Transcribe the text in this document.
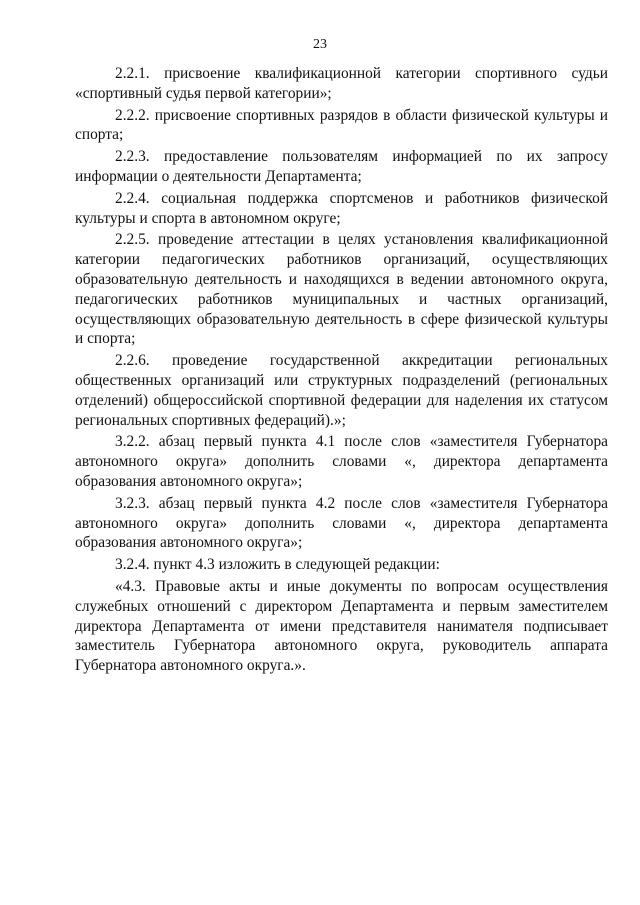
23

2.2.1. присвоение квалификационной категории спортивного судьи «спортивный судья первой категории»;

2.2.2. присвоение спортивных разрядов в области физической культуры и спорта;

2.2.3. предоставление пользователям информацией по их запросу информации о деятельности Департамента;

2.2.4. социальная поддержка спортсменов и работников физической культуры и спорта в автономном округе;

2.2.5. проведение аттестации в целях установления квалификационной категории педагогических работников организаций, осуществляющих образовательную деятельность и находящихся в ведении автономного округа, педагогических работников муниципальных и частных организаций, осуществляющих образовательную деятельность в сфере физической культуры и спорта;

2.2.6. проведение государственной аккредитации региональных общественных организаций или структурных подразделений (региональных отделений) общероссийской спортивной федерации для наделения их статусом региональных спортивных федераций).»;

3.2.2. абзац первый пункта 4.1 после слов «заместителя Губернатора автономного округа» дополнить словами «, директора департамента образования автономного округа»;

3.2.3. абзац первый пункта 4.2 после слов «заместителя Губернатора автономного округа» дополнить словами «, директора департамента образования автономного округа»;

3.2.4. пункт 4.3 изложить в следующей редакции:

«4.3. Правовые акты и иные документы по вопросам осуществления служебных отношений с директором Департамента и первым заместителем директора Департамента от имени представителя нанимателя подписывает заместитель Губернатора автономного округа, руководитель аппарата Губернатора автономного округа.».
